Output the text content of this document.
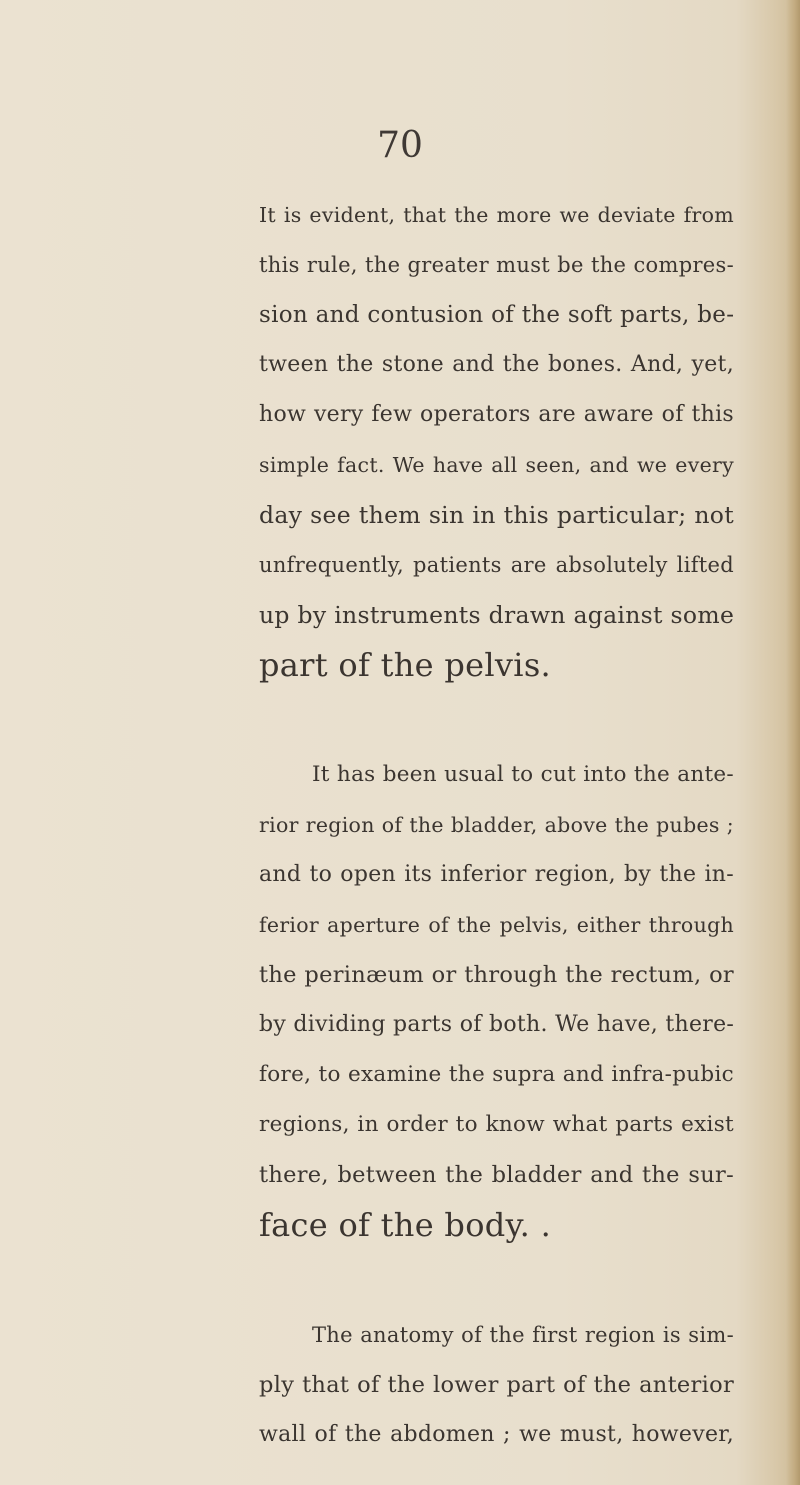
70
It is evident, that the more we deviate from
this rule, the greater must be the compres-
sion and contusion of the soft parts, be-
tween the stone and the bones. And, yet,
how very few operators are aware of this
simple fact. We have all seen, and we every
day see them sin in this particular; not
unfrequently, patients are absolutely lifted
up by instruments drawn against some
part of the pelvis.
It has been usual to cut into the ante-
rior region of the bladder, above the pubes ;
and to open its inferior region, by the in-
ferior aperture of the pelvis, either through
the perinæum or through the rectum, or
by dividing parts of both. We have, there-
fore, to examine the supra and infra-pubic
regions, in order to know what parts exist
there, between the bladder and the sur-
face of the body. .
The anatomy of the first region is sim-
ply that of the lower part of the anterior
wall of the abdomen ; we must, however,
